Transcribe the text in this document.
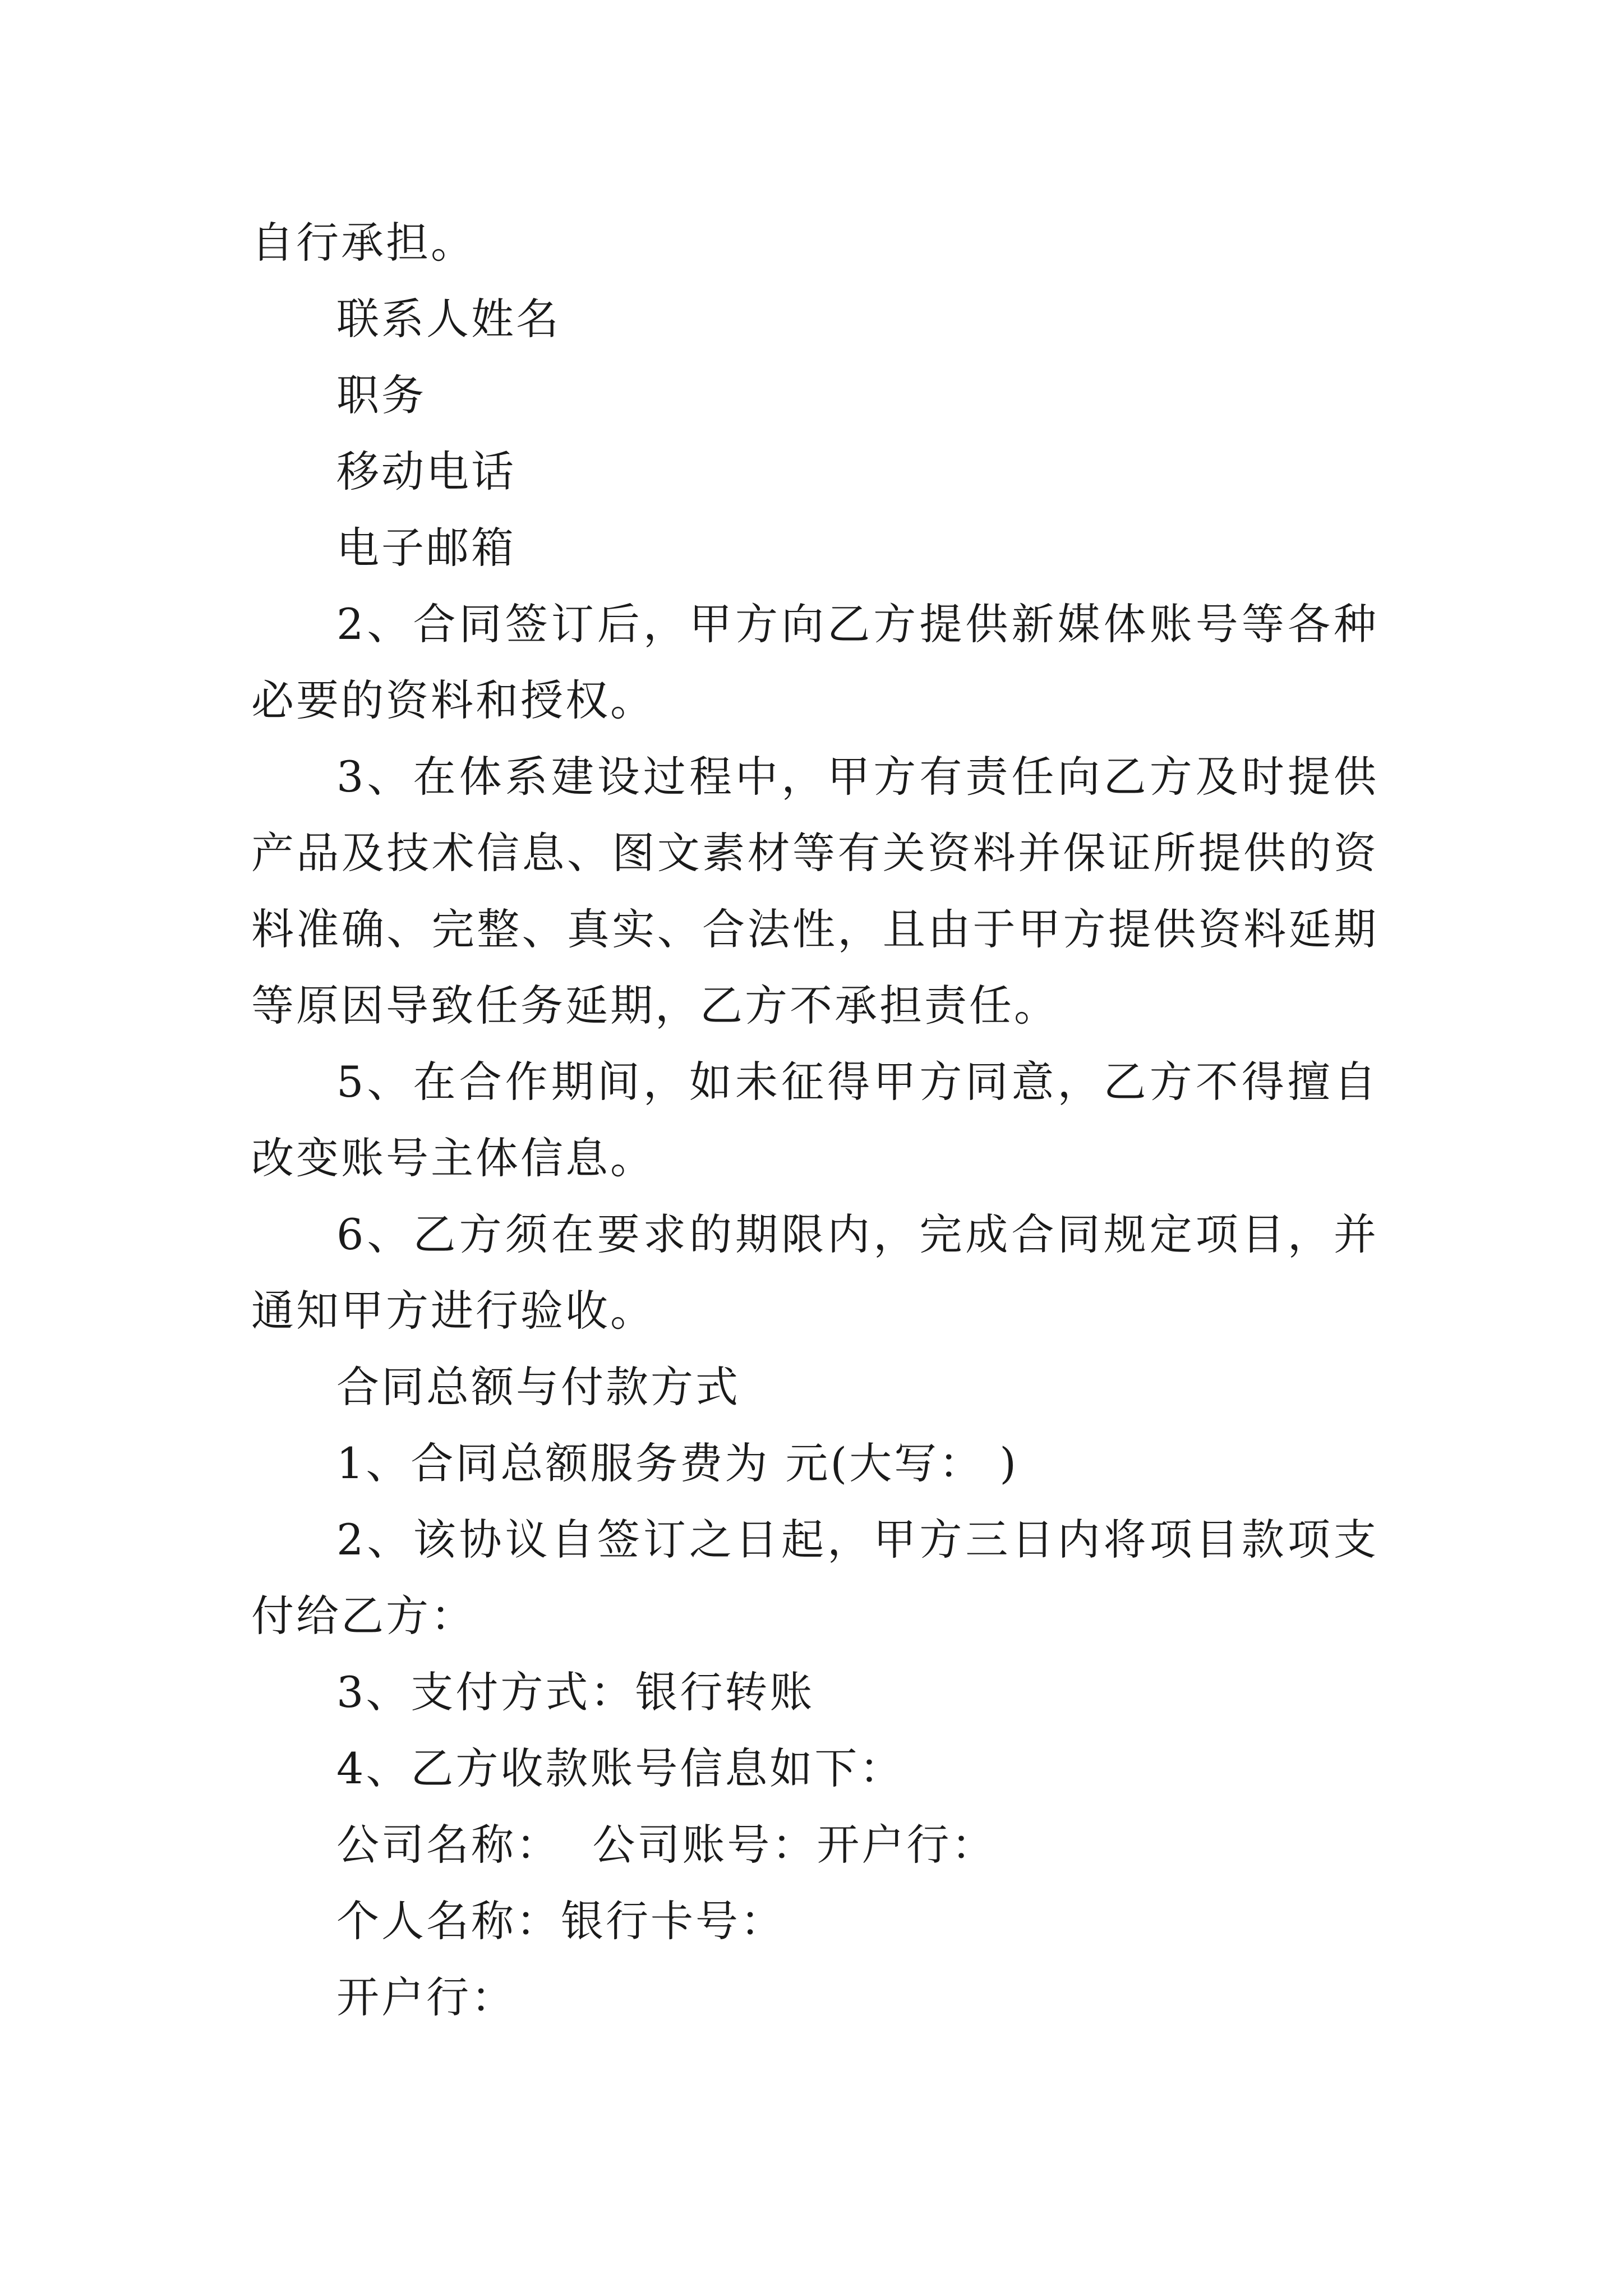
自行承担。

联系人姓名

职务

移动电话

电子邮箱

2、合同签订后，甲方向乙方提供新媒体账号等各种必要的资料和授权。

3、在体系建设过程中，甲方有责任向乙方及时提供产品及技术信息、图文素材等有关资料并保证所提供的资料准确、完整、真实、合法性，且由于甲方提供资料延期等原因导致任务延期，乙方不承担责任。

5、在合作期间，如未征得甲方同意，乙方不得擅自改变账号主体信息。

6、乙方须在要求的期限内，完成合同规定项目，并通知甲方进行验收。

合同总额与付款方式

1、合同总额服务费为 元(大写： )

2、该协议自签订之日起，甲方三日内将项目款项支付给乙方：

3、支付方式：银行转账

4、乙方收款账号信息如下：

公司名称：  公司账号：开户行：

个人名称：银行卡号：

开户行：
